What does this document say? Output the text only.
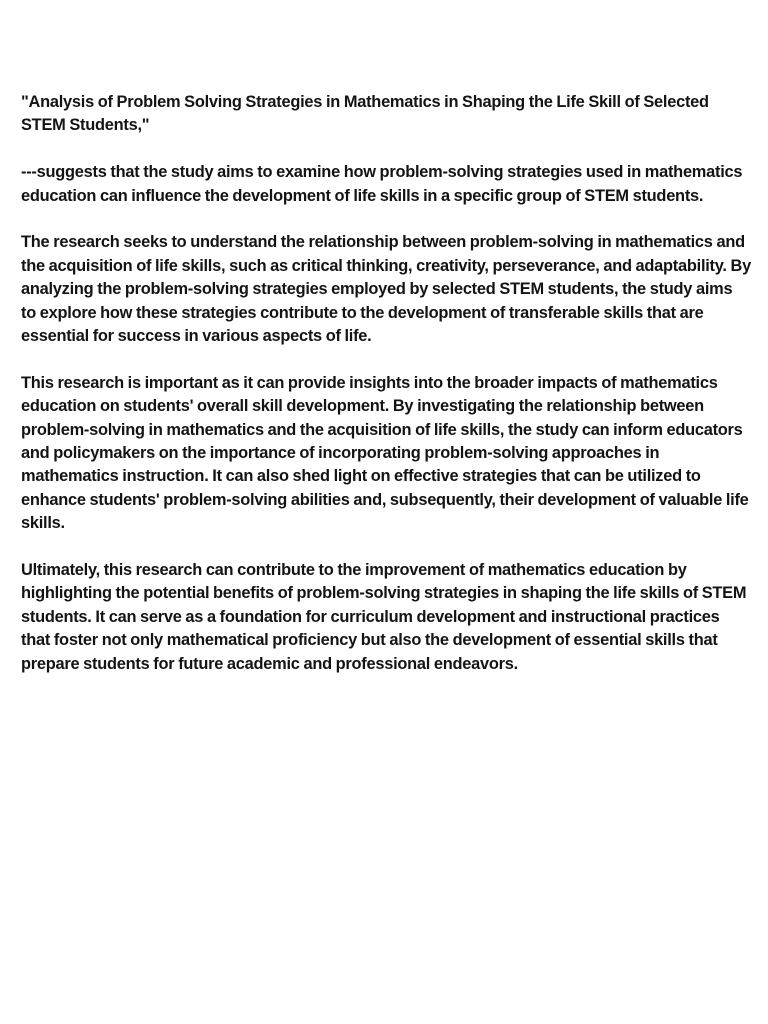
"Analysis of Problem Solving Strategies in Mathematics in Shaping the Life Skill of Selected STEM Students,"

---suggests that the study aims to examine how problem-solving strategies used in mathematics education can influence the development of life skills in a specific group of STEM students.

The research seeks to understand the relationship between problem-solving in mathematics and the acquisition of life skills, such as critical thinking, creativity, perseverance, and adaptability. By analyzing the problem-solving strategies employed by selected STEM students, the study aims to explore how these strategies contribute to the development of transferable skills that are essential for success in various aspects of life.

This research is important as it can provide insights into the broader impacts of mathematics education on students' overall skill development. By investigating the relationship between problem-solving in mathematics and the acquisition of life skills, the study can inform educators and policymakers on the importance of incorporating problem-solving approaches in mathematics instruction. It can also shed light on effective strategies that can be utilized to enhance students' problem-solving abilities and, subsequently, their development of valuable life skills.

Ultimately, this research can contribute to the improvement of mathematics education by highlighting the potential benefits of problem-solving strategies in shaping the life skills of STEM students. It can serve as a foundation for curriculum development and instructional practices that foster not only mathematical proficiency but also the development of essential skills that prepare students for future academic and professional endeavors.
